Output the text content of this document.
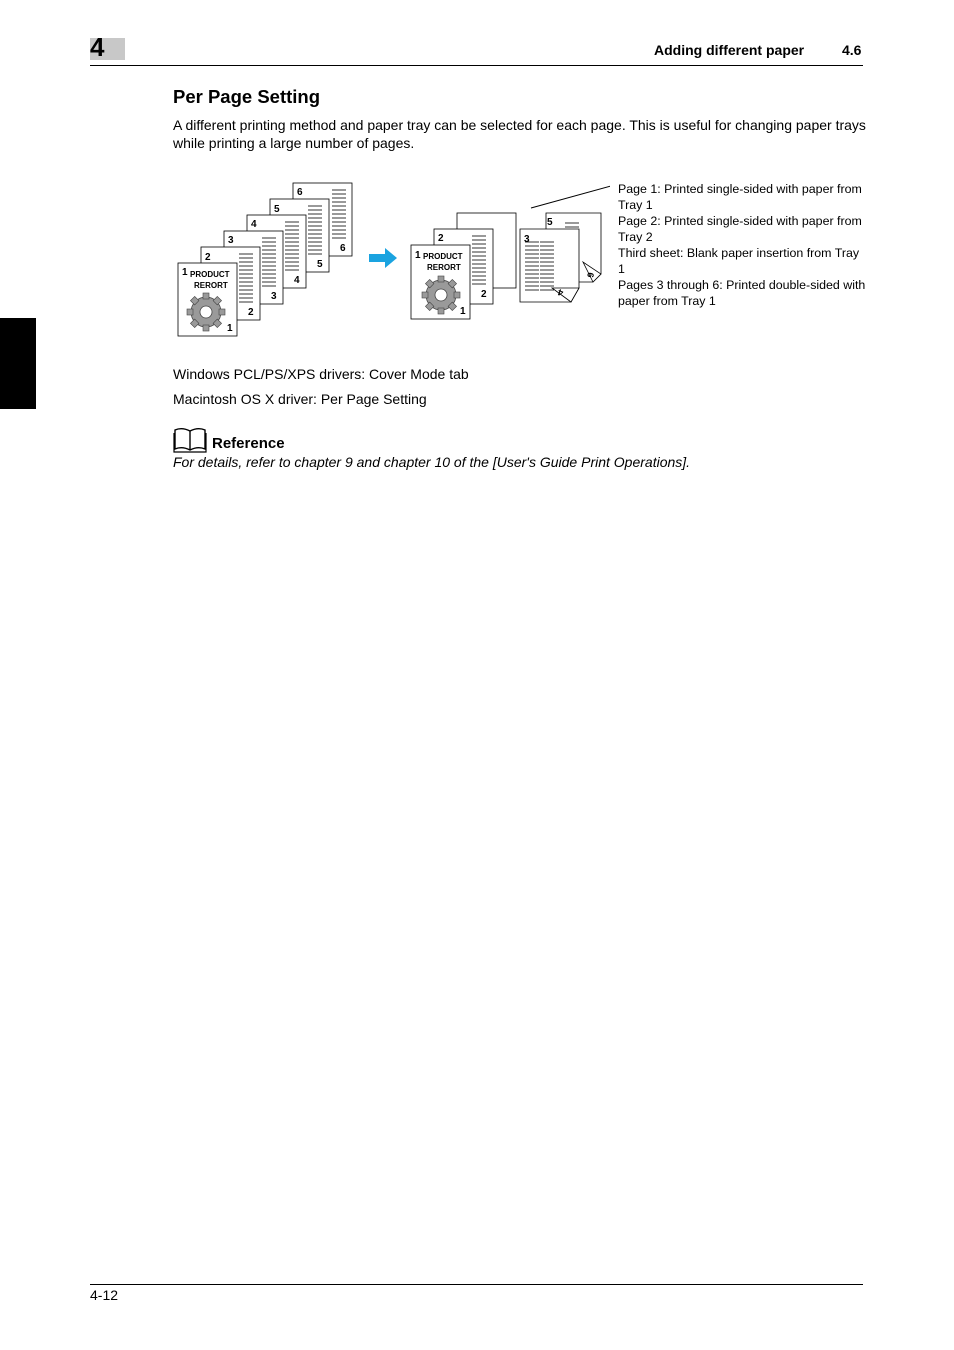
4	Adding different paper	4.6
Per Page Setting
A different printing method and paper tray can be selected for each page. This is useful for changing paper trays while printing a large number of pages.
6
6
5
5
4
4
3
3
2
2
1 PRODUCT
RERORT
1
2
2
1 PRODUCT
RERORT
1
5
6
3
4
Page 1: Printed single-sided with paper from Tray 1
Page 2: Printed single-sided with paper from Tray 2
Third sheet: Blank paper insertion from Tray 1
Pages 3 through 6: Printed double-sided with paper from Tray 1
Windows PCL/PS/XPS drivers: Cover Mode tab
Macintosh OS X driver: Per Page Setting
Reference
For details, refer to chapter 9 and chapter 10 of the [User's Guide Print Operations].
4-12
